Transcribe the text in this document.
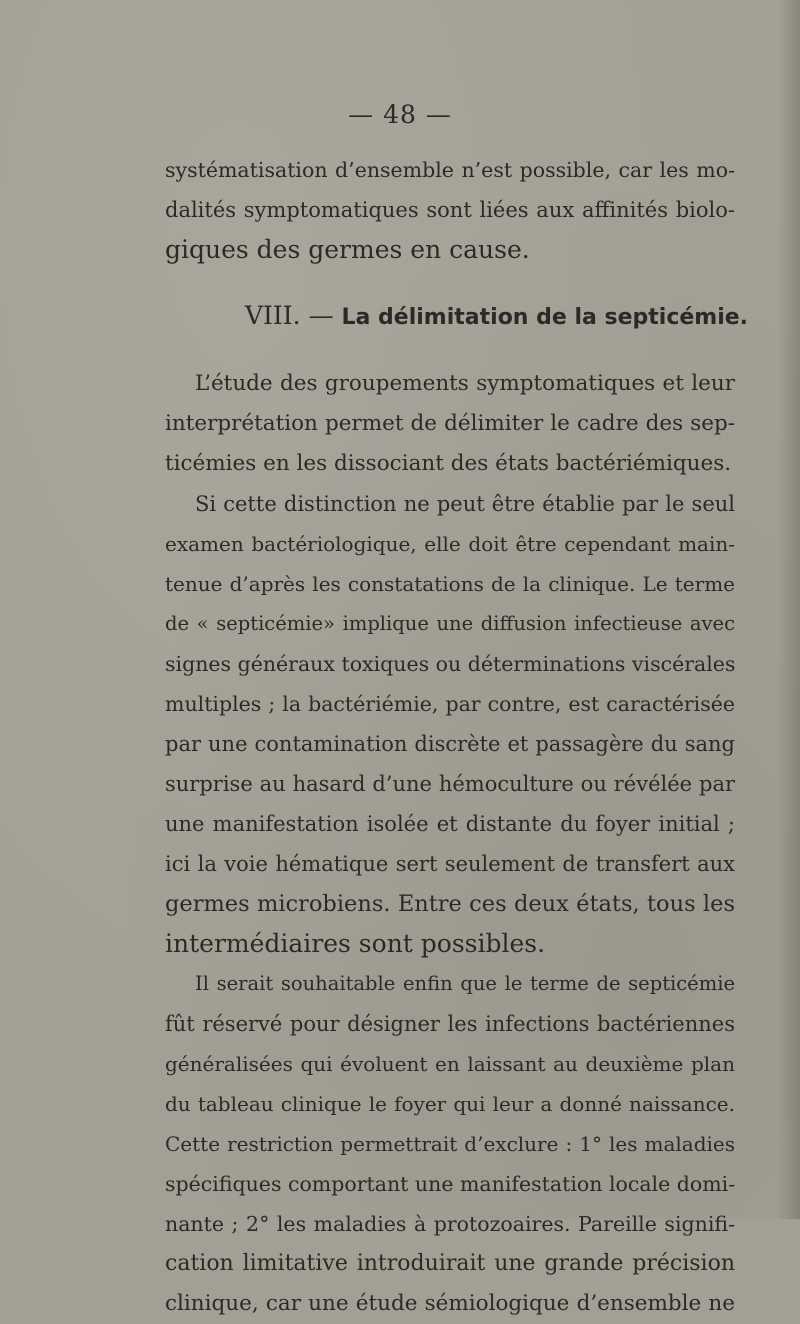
— 48 —
systématisation d’ensemble n’est possible, car les mo-
dalités symptomatiques sont liées aux affinités biolo-
giques des germes en cause.
VIII. — La délimitation de la septicémie.
L’étude des groupements symptomatiques et leur
interprétation permet de délimiter le cadre des sep-
ticémies en les dissociant des états bactériémiques.
Si cette distinction ne peut être établie par le seul
examen bactériologique, elle doit être cependant main-
tenue d’après les constatations de la clinique. Le terme
de « septicémie» implique une diffusion infectieuse avec
signes généraux toxiques ou déterminations viscérales
multiples ; la bactériémie, par contre, est caractérisée
par une contamination discrète et passagère du sang
surprise au hasard d’une hémoculture ou révélée par
une manifestation isolée et distante du foyer initial ;
ici la voie hématique sert seulement de transfert aux
germes microbiens. Entre ces deux états, tous les
intermédiaires sont possibles.
Il serait souhaitable enfin que le terme de septicémie
fût réservé pour désigner les infections bactériennes
généralisées qui évoluent en laissant au deuxième plan
du tableau clinique le foyer qui leur a donné naissance.
Cette restriction permettrait d’exclure : 1° les maladies
spécifiques comportant une manifestation locale domi-
nante ; 2° les maladies à protozoaires. Pareille signifi-
cation limitative introduirait une grande précision
clinique, car une étude sémiologique d’ensemble ne
